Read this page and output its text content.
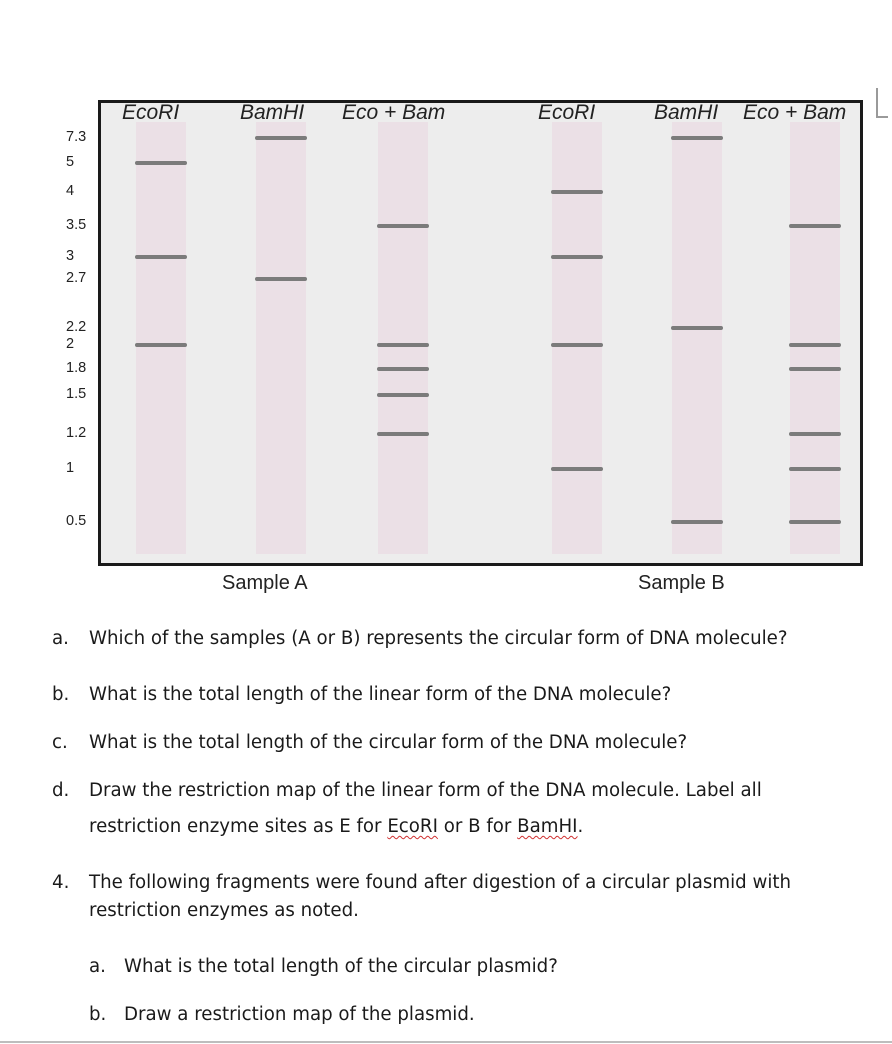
7.3
5
4
3.5
3
2.7
2.2
2
1.8
1.5
1.2
1
0.5
EcoRI	BamHI Eco + Bam	EcoRI	BamHI Eco + Bam
Sample A	Sample B
a. Which of the samples (A or B) represents the circular form of DNA molecule?
b. What is the total length of the linear form of the DNA molecule?
c. What is the total length of the circular form of the DNA molecule?
d. Draw the restriction map of the linear form of the DNA molecule. Label all
restriction enzyme sites as E for EcoRI or B for BamHI.
4. The following fragments were found after digestion of a circular plasmid with
restriction enzymes as noted.
a. What is the total length of the circular plasmid?
b. Draw a restriction map of the plasmid.
